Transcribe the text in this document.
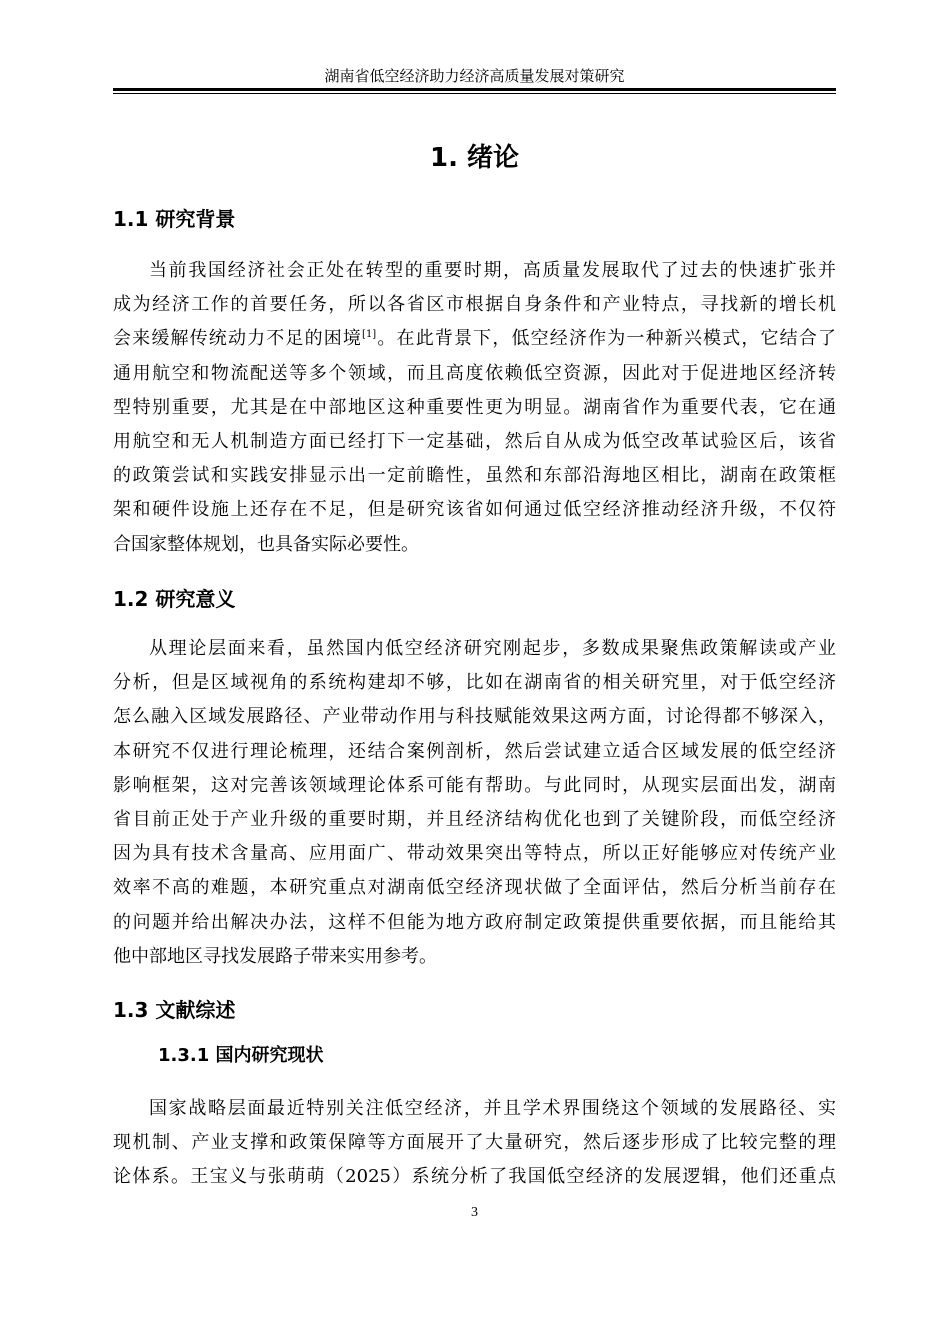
湖南省低空经济助力经济高质量发展对策研究
1. 绪论
1.1 研究背景
当前我国经济社会正处在转型的重要时期，高质量发展取代了过去的快速扩张并
成为经济工作的首要任务，所以各省区市根据自身条件和产业特点，寻找新的增长机
会来缓解传统动力不足的困境[1]。在此背景下，低空经济作为一种新兴模式，它结合了
通用航空和物流配送等多个领域，而且高度依赖低空资源，因此对于促进地区经济转
型特别重要，尤其是在中部地区这种重要性更为明显。湖南省作为重要代表，它在通
用航空和无人机制造方面已经打下一定基础，然后自从成为低空改革试验区后，该省
的政策尝试和实践安排显示出一定前瞻性，虽然和东部沿海地区相比，湖南在政策框
架和硬件设施上还存在不足，但是研究该省如何通过低空经济推动经济升级，不仅符
合国家整体规划，也具备实际必要性。
1.2 研究意义
从理论层面来看，虽然国内低空经济研究刚起步，多数成果聚焦政策解读或产业
分析，但是区域视角的系统构建却不够，比如在湖南省的相关研究里，对于低空经济
怎么融入区域发展路径、产业带动作用与科技赋能效果这两方面，讨论得都不够深入，
本研究不仅进行理论梳理，还结合案例剖析，然后尝试建立适合区域发展的低空经济
影响框架，这对完善该领域理论体系可能有帮助。与此同时，从现实层面出发，湖南
省目前正处于产业升级的重要时期，并且经济结构优化也到了关键阶段，而低空经济
因为具有技术含量高、应用面广、带动效果突出等特点，所以正好能够应对传统产业
效率不高的难题，本研究重点对湖南低空经济现状做了全面评估，然后分析当前存在
的问题并给出解决办法，这样不但能为地方政府制定政策提供重要依据，而且能给其
他中部地区寻找发展路子带来实用参考。
1.3 文献综述
1.3.1 国内研究现状
国家战略层面最近特别关注低空经济，并且学术界围绕这个领域的发展路径、实
现机制、产业支撑和政策保障等方面展开了大量研究，然后逐步形成了比较完整的理
论体系。王宝义与张萌萌（2025）系统分析了我国低空经济的发展逻辑，他们还重点
3
